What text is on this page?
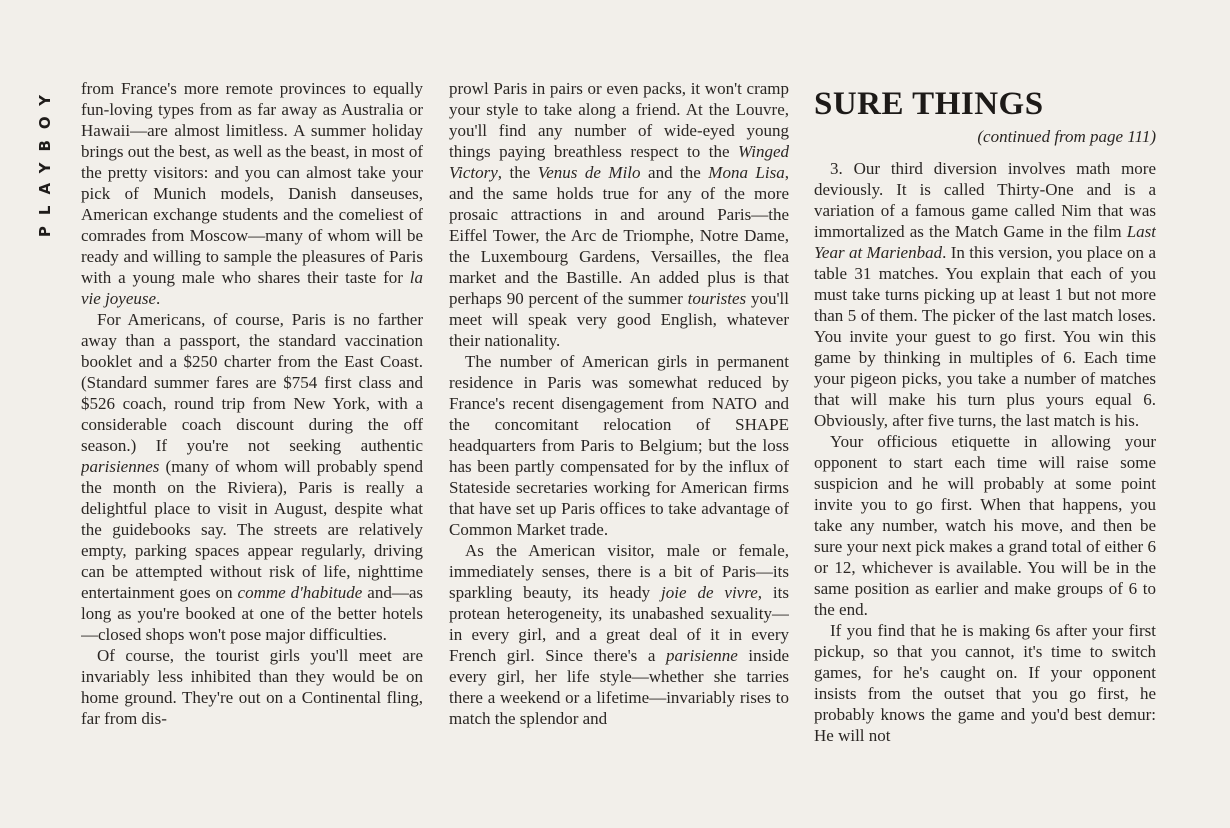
PLAYBOY from France's more remote provinces to equally fun-loving types from as far away as Australia or Hawaii—are almost limitless. A summer holiday brings out the best, as well as the beast, in most of the pretty visitors: and you can almost take your pick of Munich models, Danish danseuses, American exchange students and the comeliest of comrades from Moscow—many of whom will be ready and willing to sample the pleasures of Paris with a young male who shares their taste for la vie joyeuse.

For Americans, of course, Paris is no farther away than a passport, the standard vaccination booklet and a $250 charter from the East Coast. (Standard summer fares are $754 first class and $526 coach, round trip from New York, with a considerable coach discount during the off season.) If you're not seeking authentic parisiennes (many of whom will probably spend the month on the Riviera), Paris is really a delightful place to visit in August, despite what the guidebooks say. The streets are relatively empty, parking spaces appear regularly, driving can be attempted without risk of life, nighttime entertainment goes on comme d'habitude and—as long as you're booked at one of the better hotels—closed shops won't pose major difficulties.

Of course, the tourist girls you'll meet are invariably less inhibited than they would be on home ground. They're out on a Continental fling, far from dis-

prowl Paris in pairs or even packs, it won't cramp your style to take along a friend. At the Louvre, you'll find any number of wide-eyed young things paying breathless respect to the Winged Victory, the Venus de Milo and the Mona Lisa, and the same holds true for any of the more prosaic attractions in and around Paris—the Eiffel Tower, the Arc de Triomphe, Notre Dame, the Luxembourg Gardens, Versailles, the flea market and the Bastille. An added plus is that perhaps 90 percent of the summer touristes you'll meet will speak very good English, whatever their nationality.

The number of American girls in permanent residence in Paris was somewhat reduced by France's recent disengagement from NATO and the concomitant relocation of SHAPE headquarters from Paris to Belgium; but the loss has been partly compensated for by the influx of Stateside secretaries working for American firms that have set up Paris offices to take advantage of Common Market trade.

As the American visitor, male or female, immediately senses, there is a bit of Paris—its sparkling beauty, its heady joie de vivre, its protean heterogeneity, its unabashed sexuality—in every girl, and a great deal of it in every French girl. Since there's a parisienne inside every girl, her life style—whether she tarries there a weekend or a lifetime—invariably rises to match the splendor and

SURE THINGS
(continued from page 111)

3. Our third diversion involves math more deviously. It is called Thirty-One and is a variation of a famous game called Nim that was immortalized as the Match Game in the film Last Year at Marienbad. In this version, you place on a table 31 matches. You explain that each of you must take turns picking up at least 1 but not more than 5 of them. The picker of the last match loses. You invite your guest to go first. You win this game by thinking in multiples of 6. Each time your pigeon picks, you take a number of matches that will make his turn plus yours equal 6. Obviously, after five turns, the last match is his.

Your officious etiquette in allowing your opponent to start each time will raise some suspicion and he will probably at some point invite you to go first. When that happens, you take any number, watch his move, and then be sure your next pick makes a grand total of either 6 or 12, whichever is available. You will be in the same position as earlier and make groups of 6 to the end.

If you find that he is making 6s after your first pickup, so that you cannot, it's time to switch games, for he's caught on. If your opponent insists from the outset that you go first, he probably knows the game and you'd best demur: He will not
